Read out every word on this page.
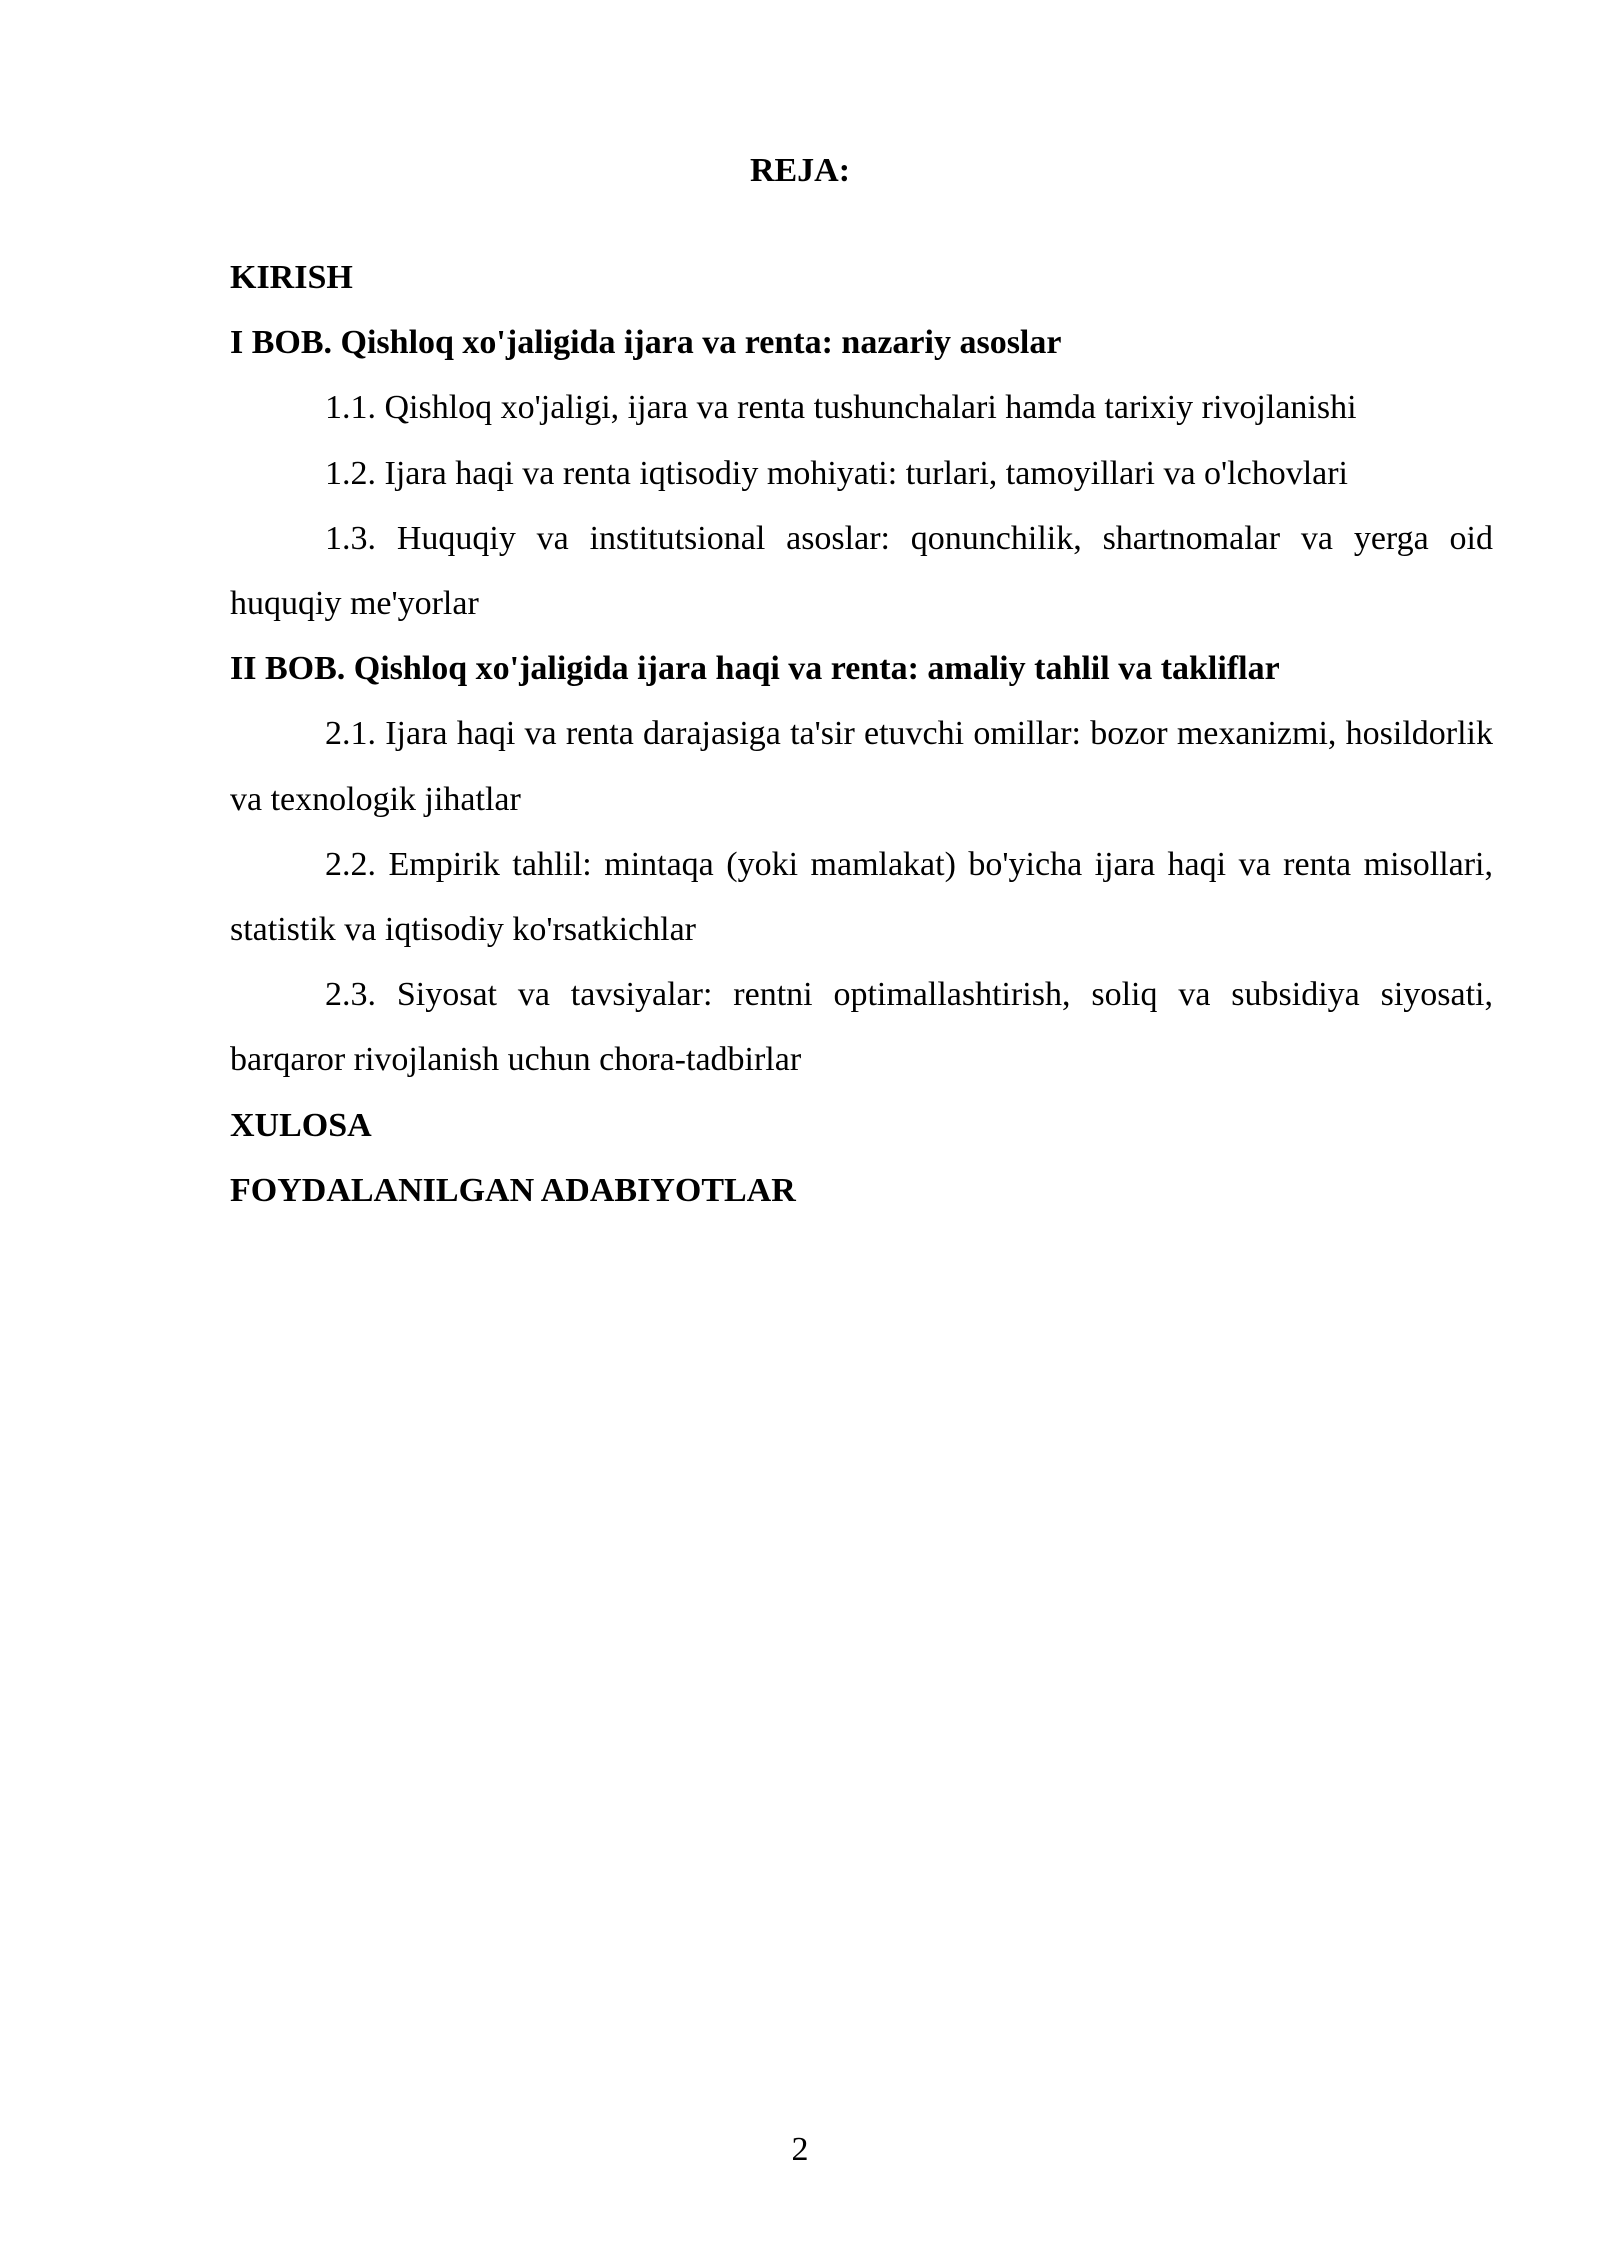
REJA:

KIRISH

I BOB. Qishloq xo'jaligida ijara va renta: nazariy asoslar

1.1. Qishloq xo'jaligi, ijara va renta tushunchalari hamda tarixiy rivojlanishi

1.2. Ijara haqi va renta iqtisodiy mohiyati: turlari, tamoyillari va o'lchovlari

1.3. Huquqiy va institutsional asoslar: qonunchilik, shartnomalar va yerga oid huquqiy me'yorlar

II BOB. Qishloq xo'jaligida ijara haqi va renta: amaliy tahlil va takliflar

2.1. Ijara haqi va renta darajasiga ta'sir etuvchi omillar: bozor mexanizmi, hosildorlik va texnologik jihatlar

2.2. Empirik tahlil: mintaqa (yoki mamlakat) bo'yicha ijara haqi va renta misollari, statistik va iqtisodiy ko'rsatkichlar

2.3. Siyosat va tavsiyalar: rentni optimallashtirish, soliq va subsidiya siyosati, barqaror rivojlanish uchun chora-tadbirlar

XULOSA

FOYDALANILGAN ADABIYOTLAR

2
